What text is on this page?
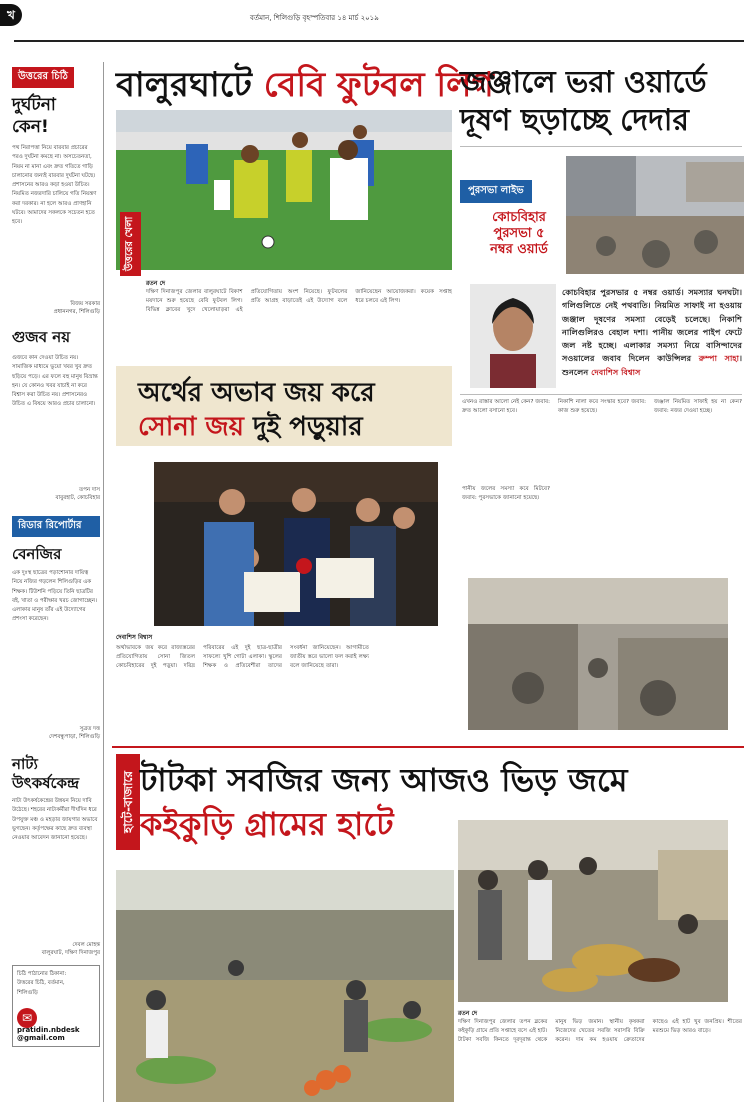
খ	বর্তমান, শিলিগুড়ি বৃহস্পতিবার ১৪ মার্চ ২০১৯
উত্তরের চিঠি
দুর্ঘটনা
কেন!
পথ নিরাপত্তা নিয়ে বারবার প্রচারের পরও দুর্ঘটনা কমছে না। অসচেতনতা, নিয়ম না মানা এবং দ্রুত গতিতে গাড়ি চালানোর জন্যই বারবার দুর্ঘটনা ঘটছে। প্রশাসনের আরও কড়া হওয়া উচিত। নিয়মিত নজরদারি চালিয়ে গতি নিয়ন্ত্রণ করা দরকার। না হলে আরও প্রাণহানি ঘটবে। আমাদের সকলকে সচেতন হতে হবে।
বিজয় সরকার
প্রধাননগর, শিলিগুড়ি
গুজব নয়
গুজবে কান দেওয়া উচিত নয়। সামাজিক মাধ্যমে ভুয়ো খবর খুব দ্রুত ছড়িয়ে পড়ে। এর ফলে বহু মানুষ বিভ্রান্ত হন। যে কোনও খবর যাচাই না করে বিশ্বাস করা উচিত নয়। প্রশাসনেরও উচিত এ বিষয়ে আরও প্রচার চালানো।
তপন দাস
বাবুরহাট, কোচবিহার
রিডার রিপোর্টার
বেনজির
এক দুঃস্থ ছাত্রের পড়াশোনার দায়িত্ব নিয়ে নজির গড়লেন শিলিগুড়ির এক শিক্ষক। টিউশনি পড়িয়ে তিনি ছাত্রটির বই, খাতা ও পরীক্ষার খরচ জোগাচ্ছেন। এলাকার মানুষ তাঁর এই উদ্যোগের প্রশংসা করেছেন।
সুব্রত দত্ত
দেশবন্ধুপাড়া, শিলিগুড়ি
নাট্য
উৎকর্ষকেন্দ্র
নাট্য উৎকর্ষকেন্দ্রের উন্নয়ন নিয়ে দাবি উঠেছে। শহরের নাট্যকর্মীরা দীর্ঘদিন ধরে উপযুক্ত মঞ্চ ও মহড়ার জায়গার অভাবে ভুগছেন। কর্তৃপক্ষের কাছে দ্রুত ব্যবস্থা নেওয়ার আবেদন জানানো হয়েছে।
দেবল মোহন্ত
বালুরঘাট, দক্ষিণ দিনাজপুর
চিঠি পাঠানোর ঠিকানা: উত্তরের চিঠি, বর্তমান, শিলিগুড়ি
✉
pratidin.nbdesk
@gmail.com
বালুরঘাটে বেবি ফুটবল লিগ
উত্তরের খেলা
রতন দে
দক্ষিণ দিনাজপুর জেলার বালুরঘাটে বিকাশ ময়দানে শুরু হয়েছে বেবি ফুটবল লিগ। বিভিন্ন ক্লাবের খুদে খেলোয়াড়রা এই প্রতিযোগিতায় অংশ নিয়েছে। ফুটবলের প্রতি আগ্রহ বাড়াতেই এই উদ্যোগ বলে জানিয়েছেন আয়োজকরা। কয়েক সপ্তাহ ধরে চলবে এই লিগ।
জঞ্জালে ভরা ওয়ার্ডে
দূষণ ছড়াচ্ছে দেদার
পুরসভা লাইভ
কোচবিহার
পুরসভা ৫
নম্বর ওয়ার্ড
কোচবিহার পুরসভার ৫ নম্বর ওয়ার্ড। সমস্যার ঘনঘটা। গলিগুলিতে নেই পথবাতি। নিয়মিত সাফাই না হওয়ায় জঞ্জাল দূষণের সমস্যা বেড়েই চলেছে। নিকাশি নালিগুলিরও বেহাল দশা। পানীয় জলের পাইপ ফেটে জল নষ্ট হচ্ছে। এলাকার সমস্যা নিয়ে বাসিন্দাদের সওয়ালের জবাব দিলেন কাউন্সিলর রুম্পা সাহা। শুনলেন দেবাশিস বিশ্বাস
এখনও রাস্তার আলো নেই কেন? জবাব: দ্রুত আলো বসানো হবে।
নিকাশি নালা কবে সংস্কার হবে? জবাব: কাজ শুরু হয়েছে।
জঞ্জাল নিয়মিত সাফাই হয় না কেন? জবাব: নজর দেওয়া হচ্ছে।
পানীয় জলের সমস্যা কবে মিটবে? জবাব: পুরসভাকে জানানো হয়েছে।
অর্থের অভাব জয় করে
সোনা জয় দুই পড়ুয়ার
দেবাশিস বিশ্বাস
অর্থাভাবকে জয় করে রাজ্যস্তরের প্রতিযোগিতায় সোনা জিতল কোচবিহারের দুই পড়ুয়া। দরিদ্র পরিবারের এই দুই ছাত্র-ছাত্রীর সাফল্যে খুশি গোটা এলাকা। স্কুলের শিক্ষক ও প্রতিবেশীরা তাদের সংবর্ধনা জানিয়েছেন। আগামীতে জাতীয় স্তরে ভালো ফল করাই লক্ষ্য বলে জানিয়েছে তারা।
হাটে-বাজারে টাটকা সবজির জন্য আজও ভিড় জমে
কইকুড়ি গ্রামের হাটে
রতন দে
দক্ষিণ দিনাজপুর জেলার তপন ব্লকের কইকুড়ি গ্রামে প্রতি সপ্তাহে বসে এই হাট। টাটকা সবজি কিনতে দূরদূরান্ত থেকে মানুষ ভিড় জমান। স্থানীয় কৃষকরা নিজেদের খেতের সবজি সরাসরি বিক্রি করেন। দাম কম হওয়ায় ক্রেতাদের কাছেও এই হাট খুব জনপ্রিয়। শীতের মরশুমে ভিড় আরও বাড়ে।
